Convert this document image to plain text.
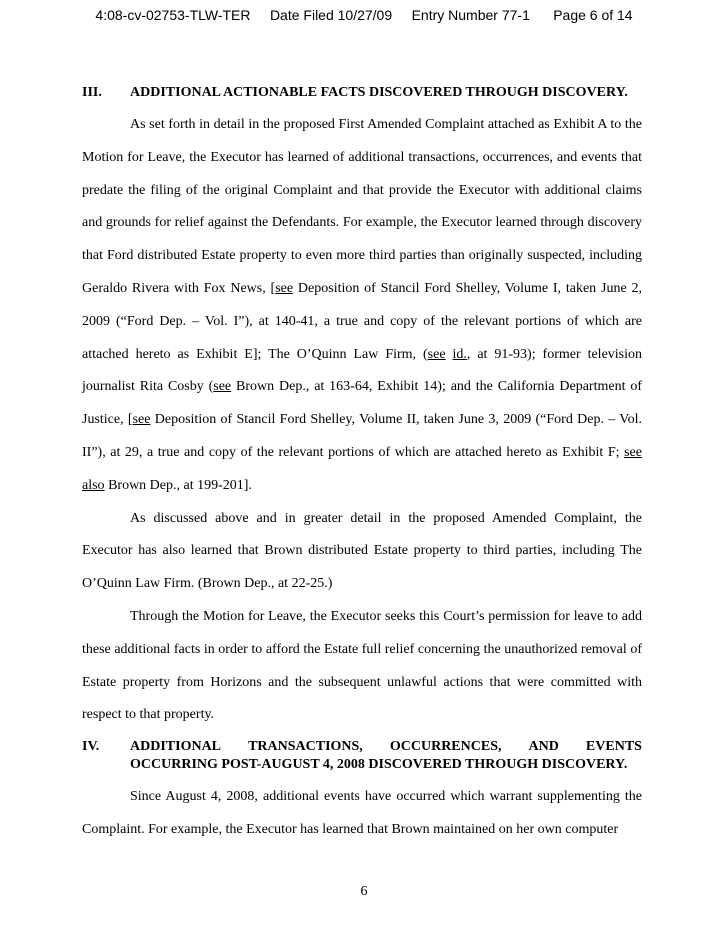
4:08-cv-02753-TLW-TER     Date Filed 10/27/09     Entry Number 77-1      Page 6 of 14
III.	ADDITIONAL ACTIONABLE FACTS DISCOVERED THROUGH DISCOVERY.

As set forth in detail in the proposed First Amended Complaint attached as Exhibit A to the Motion for Leave, the Executor has learned of additional transactions, occurrences, and events that predate the filing of the original Complaint and that provide the Executor with additional claims and grounds for relief against the Defendants. For example, the Executor learned through discovery that Ford distributed Estate property to even more third parties than originally suspected, including Geraldo Rivera with Fox News, [see Deposition of Stancil Ford Shelley, Volume I, taken June 2, 2009 (“Ford Dep. – Vol. I”), at 140-41, a true and copy of the relevant portions of which are attached hereto as Exhibit E]; The O’Quinn Law Firm, (see id., at 91-93); former television journalist Rita Cosby (see Brown Dep., at 163-64, Exhibit 14); and the California Department of Justice, [see Deposition of Stancil Ford Shelley, Volume II, taken June 3, 2009 (“Ford Dep. – Vol. II”), at 29, a true and copy of the relevant portions of which are attached hereto as Exhibit F; see also Brown Dep., at 199-201].

As discussed above and in greater detail in the proposed Amended Complaint, the Executor has also learned that Brown distributed Estate property to third parties, including The O’Quinn Law Firm. (Brown Dep., at 22-25.)

Through the Motion for Leave, the Executor seeks this Court’s permission for leave to add these additional facts in order to afford the Estate full relief concerning the unauthorized removal of Estate property from Horizons and the subsequent unlawful actions that were committed with respect to that property.

IV.	ADDITIONAL TRANSACTIONS, OCCURRENCES, AND EVENTS
OCCURRING POST-AUGUST 4, 2008 DISCOVERED THROUGH DISCOVERY.

Since August 4, 2008, additional events have occurred which warrant supplementing the Complaint. For example, the Executor has learned that Brown maintained on her own computer

6
